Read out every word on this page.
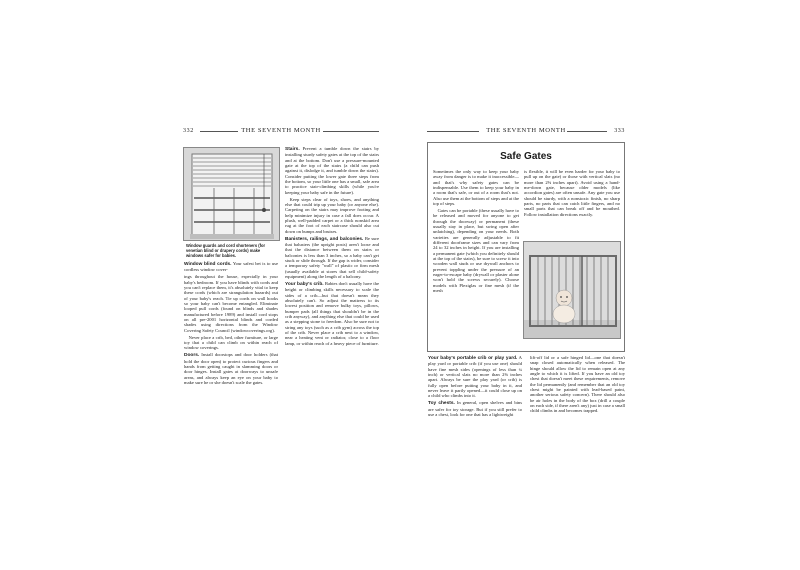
332	THE SEVENTH MONTH
Window guards and cord shorteners (for venetian blind or drapery cords) make windows safer for babies.

Window blind cords. Your safest bet is to use cordless window cover-

ings throughout the house, especially in your baby's bedroom. If you have blinds with cords and you can't replace them, it's absolutely vital to keep these cords (which are strangulation hazards) out of your baby's reach. Tie up cords on wall hooks so your baby can't become entangled. Eliminate looped pull cords (found on blinds and shades manufactured before 1989) and install cord stops on all pre-2001 horizontal blinds and corded shades using directions from the Window Covering Safety Council (windowcoverings.org).

 Never place a crib, bed, other furniture, or large toy that a child can climb on within reach of window coverings.

Doors. Install doorstops and door holders (that hold the door open) to protect curious fingers and hands from getting caught in slamming doors or door hinges. Install gates at doorways to unsafe areas, and always keep an eye on your baby to make sure he or she doesn't scale the gates.

Stairs. Prevent a tumble down the stairs by installing sturdy safety gates at the top of the stairs and at the bottom. Don't use a pressure-mounted gate at the top of the stairs (a child can push against it, dislodge it, and tumble down the stairs). Consider putting the lower gate three steps from the bottom, so your little one has a small, safe area to practice stair-climbing skills (while you're keeping your baby safe in the future).

 Keep steps clear of toys, shoes, and anything else that could trip up your baby (or anyone else). Carpeting on the stairs may improve footing and help minimize injury in case a fall does occur. A plush, well-padded carpet or a thick nonskid area rug at the foot of each staircase should also cut down on bumps and bruises.

Banisters, railings, and balconies. Be sure that balusters (the upright posts) aren't loose and that the distance between them on stairs or balconies is less than 3 inches, so a baby can't get stuck or slide through. If the gap is wider, consider a temporary safety "wall" of plastic or firm mesh (usually available at stores that sell child-safety equipment) along the length of a balcony.

Your baby's crib. Babies don't usually have the height or climbing skills necessary to scale the sides of a crib—but that doesn't mean they absolutely can't. So adjust the mattress to its lowest position and remove bulky toys, pillows, bumper pads (all things that shouldn't be in the crib anyway), and anything else that could be used as a stepping stone to freedom. Also be sure not to string any toys (such as a crib gym) across the top of the crib. Never place a crib next to a window, near a heating vent or radiator, close to a floor lamp, or within reach of a heavy piece of furniture.

THE SEVENTH MONTH	333
Safe Gates

Sometimes the only way to keep your baby away from danger is to make it inaccessible—and that's why safety gates can be indispensable. Use them to keep your baby in a room that's safe, or out of a room that's not. Also use them at the bottom of steps and at the top of steps.

 Gates can be portable (these usually have to be released and moved for anyone to get through the doorway) or permanent (these usually stay in place, but swing open after unlatching), depending on your needs. Both varieties are generally adjustable to fit different doorframe sizes and can vary from 24 to 32 inches in height. If you are installing a permanent gate (which you definitely should at the top of the stairs), be sure to screw it into wooden wall studs or use drywall anchors to prevent toppling under the pressure of an eager-to-escape baby (drywall or plaster alone won't hold the screws securely). Choose models with Plexiglas or fine mesh (if the mesh

is flexible, it will be even harder for your baby to pull up on the gate) or those with vertical slats (no more than 2⅜ inches apart). Avoid using a hand-me-down gate, because older models (like accordion gates) are often unsafe. Any gate you use should be sturdy, with a nonstoxic finish, no sharp parts, no parts that can catch little fingers, and no small parts that can break off and be mouthed. Follow installation directions exactly.

Your baby's portable crib or play yard. A play yard or portable crib (if you use one) should have fine mesh sides (openings of less than ¼ inch) or vertical slats no more than 2⅜ inches apart. Always be sure the play yard (or crib) is fully open before putting your baby in it, and never leave it partly opened—it could close up on a child who climbs into it.

Toy chests. In general, open shelves and bins are safer for toy storage. But if you still prefer to use a chest, look for one that has a lightweight

lift-off lid or a safe hinged lid—one that doesn't snap closed automatically when released. The hinge should allow the lid to remain open at any angle to which it is lifted. If you have an old toy chest that doesn't meet these requirements, remove the lid permanently (and remember that an old toy chest might be painted with lead-based paint, another serious safety concern). There should also be air holes in the body of the box (drill a couple on each side, if there aren't any) just in case a small child climbs in and becomes trapped.
